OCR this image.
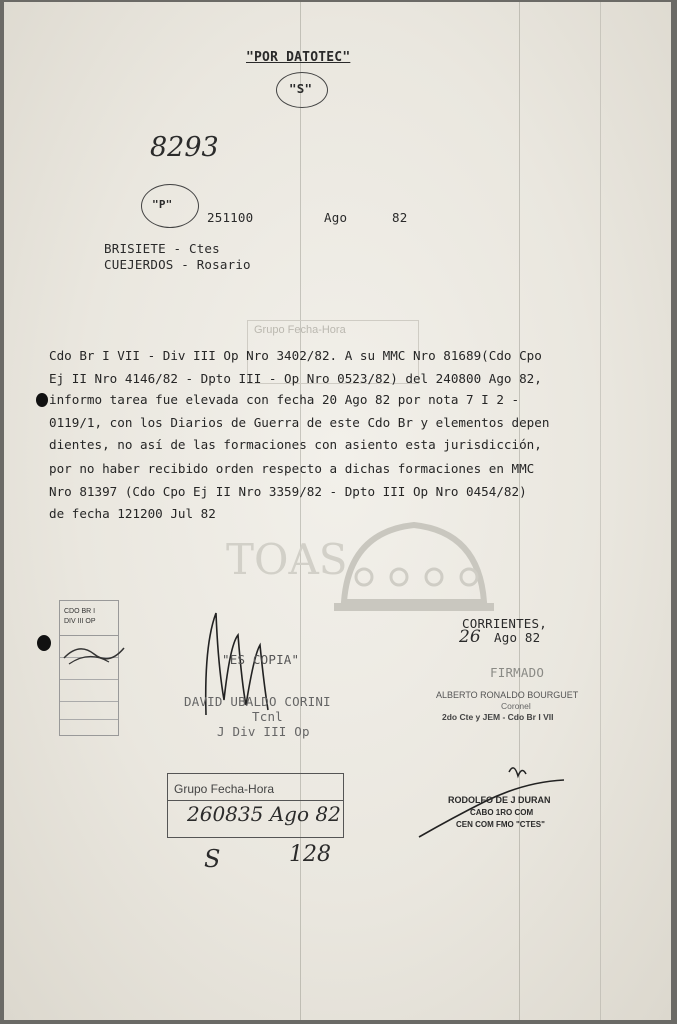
TOAS
"POR DATOTEC"
"S"
8293
"P"
251100	Ago	82
BRISIETE - Ctes
CUEJERDOS - Rosario
Grupo Fecha-Hora
Cdo Br I VII - Div III Op Nro 3402/82. A su MMC Nro 81689(Cdo Cpo
Ej II Nro 4146/82 - Dpto III - Op Nro 0523/82) del 240800 Ago 82,
informo tarea fue elevada con fecha 20 Ago 82 por nota 7 I 2 -
0119/1, con los Diarios de Guerra de este Cdo Br y elementos depen
dientes, no así de las formaciones con asiento esta jurisdicción,
por no haber recibido orden respecto a dichas formaciones en MMC
Nro 81397 (Cdo Cpo Ej II Nro 3359/82 - Dpto III Op Nro 0454/82)
de fecha 121200 Jul 82
CDO BR I
DIV III OP
"ES COPIA"
DAVID UBALDO CORINI
Tcnl
J Div III Op
CORRIENTES,
26 Ago 82
FIRMADO
ALBERTO RONALDO BOURGUET
Coronel
2do Cte y JEM - Cdo Br I VII
Grupo Fecha-Hora
260835 Ago 82
S	128
RODOLFO DE J DURAN
CABO 1RO COM
CEN COM FMO "CTES"
